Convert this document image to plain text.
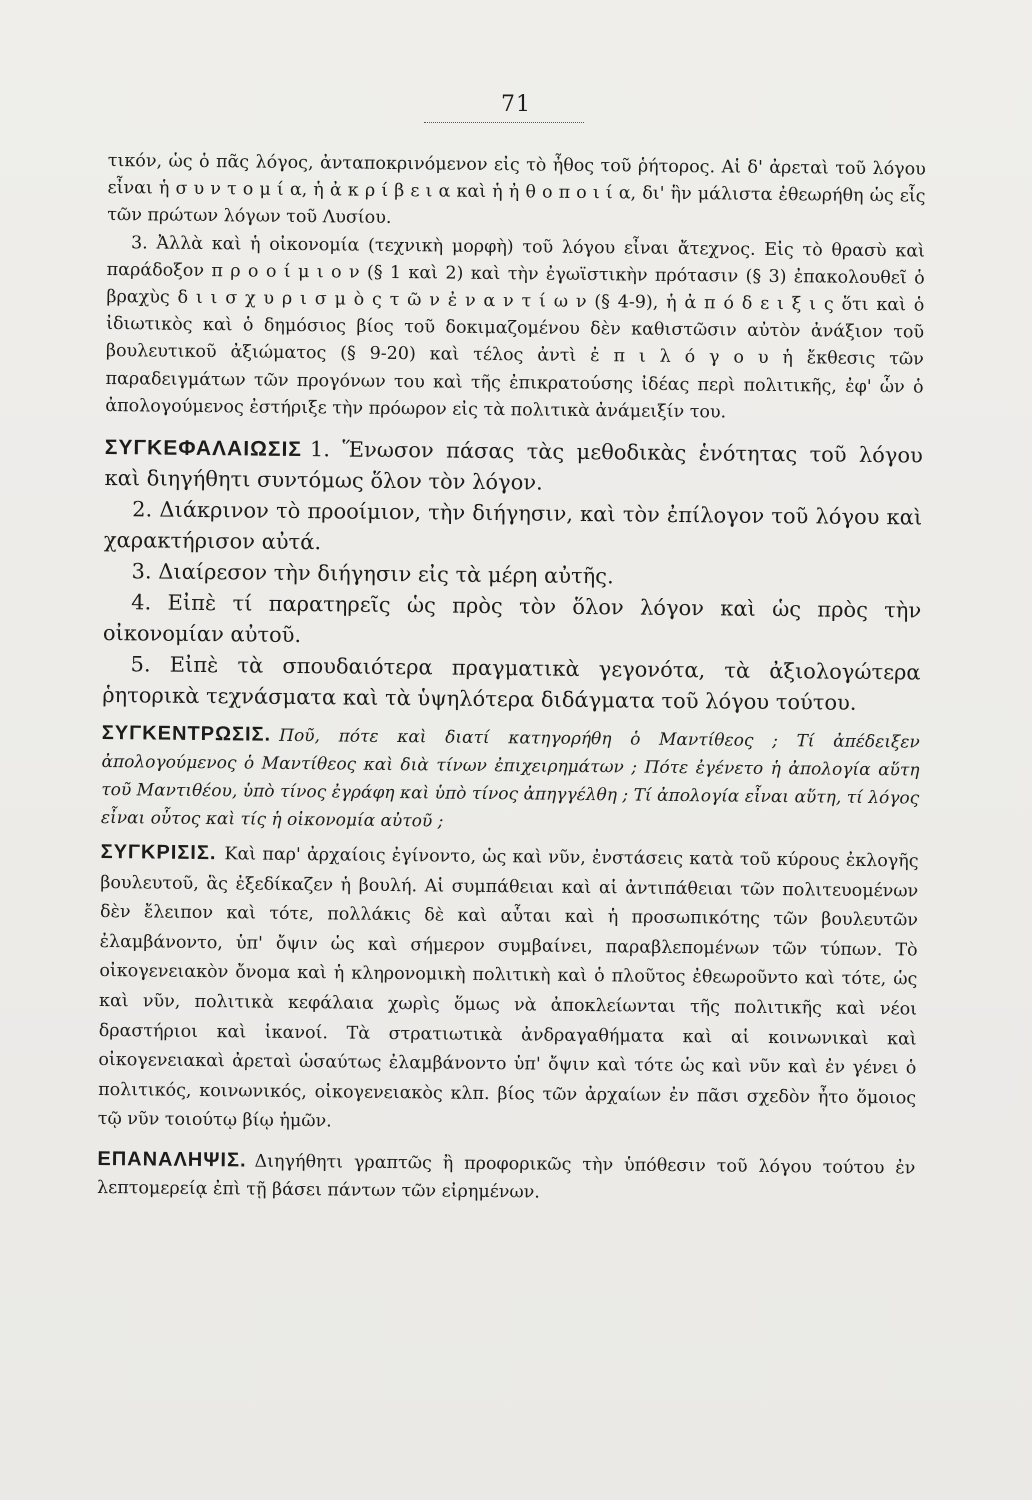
71

τικόν, ὡς ὁ πᾶς λόγος, ἀνταποκρινόμενον εἰς τὸ ἦθος τοῦ ῥήτορος. Αἱ δ' ἀρεταὶ τοῦ λόγου εἶναι ἡ σ υ ν τ ο μ ί α, ἡ ἀ κ ρ ί β ε ι α καὶ ἡ ἠ θ ο π ο ι ί α, δι' ἣν μάλιστα ἐθεωρήθη ὡς εἷς τῶν πρώτων λόγων τοῦ Λυσίου.

3. Ἀλλὰ καὶ ἡ οἰκονομία (τεχνικὴ μορφὴ) τοῦ λόγου εἶναι ἄτεχνος. Εἰς τὸ θρασὺ καὶ παράδοξον π ρ ο ο ί μ ι ο ν (§ 1 καὶ 2) καὶ τὴν ἐγωϊστικὴν πρότασιν (§ 3) ἐπακολουθεῖ ὁ βραχὺς δ ι ι σ χ υ ρ ι σ μ ὸ ς τ ῶ ν ἐ ν α ν τ ί ω ν (§ 4-9), ἡ ἀ π ό δ ε ι ξ ι ς ὅτι καὶ ὁ ἰδιωτικὸς καὶ ὁ δημόσιος βίος τοῦ δοκιμαζομένου δὲν καθιστῶσιν αὐτὸν ἀνάξιον τοῦ βουλευτικοῦ ἀξιώματος (§ 9-20) καὶ τέλος ἀντὶ ἐ π ι λ ό γ ο υ ἡ ἔκθεσις τῶν παραδειγμάτων τῶν προγόνων του καὶ τῆς ἐπικρατούσης ἰδέας περὶ πολιτικῆς, ἐφ' ὧν ὁ ἀπολογούμενος ἐστήριξε τὴν πρόωρον εἰς τὰ πολιτικὰ ἀνάμειξίν του.

ΣΥΓΚΕΦΑΛΑΙΩΣΙΣ 1. Ἕνωσον πάσας τὰς μεθοδικὰς ἑνότητας τοῦ λόγου καὶ διηγήθητι συντόμως ὅλον τὸν λόγον.

2. Διάκρινον τὸ προοίμιον, τὴν διήγησιν, καὶ τὸν ἐπίλογον τοῦ λόγου καὶ χαρακτήρισον αὐτά.

3. Διαίρεσον τὴν διήγησιν εἰς τὰ μέρη αὐτῆς.

4. Εἰπὲ τί παρατηρεῖς ὡς πρὸς τὸν ὅλον λόγον καὶ ὡς πρὸς τὴν οἰκονομίαν αὐτοῦ.

5. Εἰπὲ τὰ σπουδαιότερα πραγματικὰ γεγονότα, τὰ ἀξιολογώτερα ῥητορικὰ τεχνάσματα καὶ τὰ ὑψηλότερα διδάγματα τοῦ λόγου τούτου.

ΣΥΓΚΕΝΤΡΩΣΙΣ. Ποῦ, πότε καὶ διατί κατηγορήθη ὁ Μαντίθεος ; Τί ἀπέδειξεν ἀπολογούμενος ὁ Μαντίθεος καὶ διὰ τίνων ἐπιχειρημάτων ; Πότε ἐγένετο ἡ ἀπολογία αὕτη τοῦ Μαντιθέου, ὑπὸ τίνος ἐγράφη καὶ ὑπὸ τίνος ἀπηγγέλθη ; Τί ἀπολογία εἶναι αὕτη, τί λόγος εἶναι οὗτος καὶ τίς ἡ οἰκονομία αὐτοῦ ;

ΣΥΓΚΡΙΣΙΣ. Καὶ παρ' ἀρχαίοις ἐγίνοντο, ὡς καὶ νῦν, ἐνστάσεις κατὰ τοῦ κύρους ἐκλογῆς βουλευτοῦ, ἃς ἐξεδίκαζεν ἡ βουλή. Αἱ συμπάθειαι καὶ αἱ ἀντιπάθειαι τῶν πολιτευομένων δὲν ἔλειπον καὶ τότε, πολλάκις δὲ καὶ αὗται καὶ ἡ προσωπικότης τῶν βουλευτῶν ἐλαμβάνοντο, ὑπ' ὄψιν ὡς καὶ σήμερον συμβαίνει, παραβλεπομένων τῶν τύπων. Τὸ οἰκογενειακὸν ὄνομα καὶ ἡ κληρονομικὴ πολιτικὴ καὶ ὁ πλοῦτος ἐθεωροῦντο καὶ τότε, ὡς καὶ νῦν, πολιτικὰ κεφάλαια χωρὶς ὅμως νὰ ἀποκλείωνται τῆς πολιτικῆς καὶ νέοι δραστήριοι καὶ ἱκανοί. Τὰ στρατιωτικὰ ἀνδραγαθήματα καὶ αἱ κοινωνικαὶ καὶ οἰκογενειακαὶ ἀρεταὶ ὡσαύτως ἐλαμβάνοντο ὑπ' ὄψιν καὶ τότε ὡς καὶ νῦν καὶ ἐν γένει ὁ πολιτικός, κοινωνικός, οἰκογενειακὸς κλπ. βίος τῶν ἀρχαίων ἐν πᾶσι σχεδὸν ἦτο ὅμοιος τῷ νῦν τοιούτῳ βίῳ ἡμῶν.

ΕΠΑΝΑΛΗΨΙΣ. Διηγήθητι γραπτῶς ἢ προφορικῶς τὴν ὑπόθεσιν τοῦ λόγου τούτου ἐν λεπτομερείᾳ ἐπὶ τῇ βάσει πάντων τῶν εἰρημένων.
